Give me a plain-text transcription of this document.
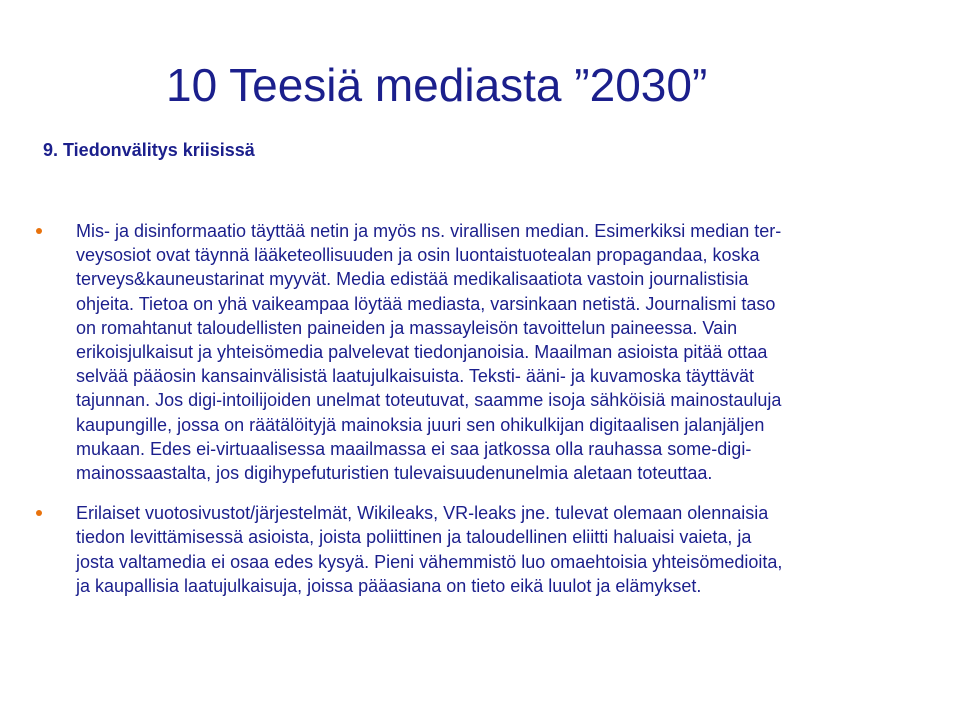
10 Teesiä mediasta ”2030”
9. Tiedonvälitys kriisissä
Mis- ja disinformaatio täyttää netin ja myös ns. virallisen median. Esimerkiksi median ter-
veysosiot ovat täynnä lääketeollisuuden ja osin luontaistuotealan propagandaa, koska
terveys&kauneustarinat myyvät. Media edistää medikalisaatiota vastoin journalistisia
ohjeita. Tietoa on yhä vaikeampaa löytää mediasta, varsinkaan netistä. Journalismi taso
on romahtanut taloudellisten paineiden ja massayleisön tavoittelun paineessa. Vain
erikoisjulkaisut ja yhteisömedia palvelevat tiedonjanoisia. Maailman asioista pitää ottaa
selvää pääosin kansainvälisistä laatujulkaisuista. Teksti- ääni- ja kuvamoska täyttävät
tajunnan. Jos digi-intoilijoiden unelmat toteutuvat, saamme isoja sähköisiä mainostauluja
kaupungille, jossa on räätälöityjä mainoksia juuri sen ohikulkijan digitaalisen jalanjäljen
mukaan. Edes ei-virtuaalisessa maailmassa ei saa jatkossa olla rauhassa some-digi-
mainossaastalta, jos digihypefuturistien tulevaisuudenunelmia aletaan toteuttaa.
Erilaiset vuotosivustot/järjestelmät, Wikileaks, VR-leaks jne. tulevat olemaan olennaisia
tiedon levittämisessä asioista, joista poliittinen ja taloudellinen eliitti haluaisi vaieta, ja
josta valtamedia ei osaa edes kysyä. Pieni vähemmistö luo omaehtoisia yhteisömedioita,
ja kaupallisia laatujulkaisuja, joissa pääasiana on tieto eikä luulot ja elämykset.
